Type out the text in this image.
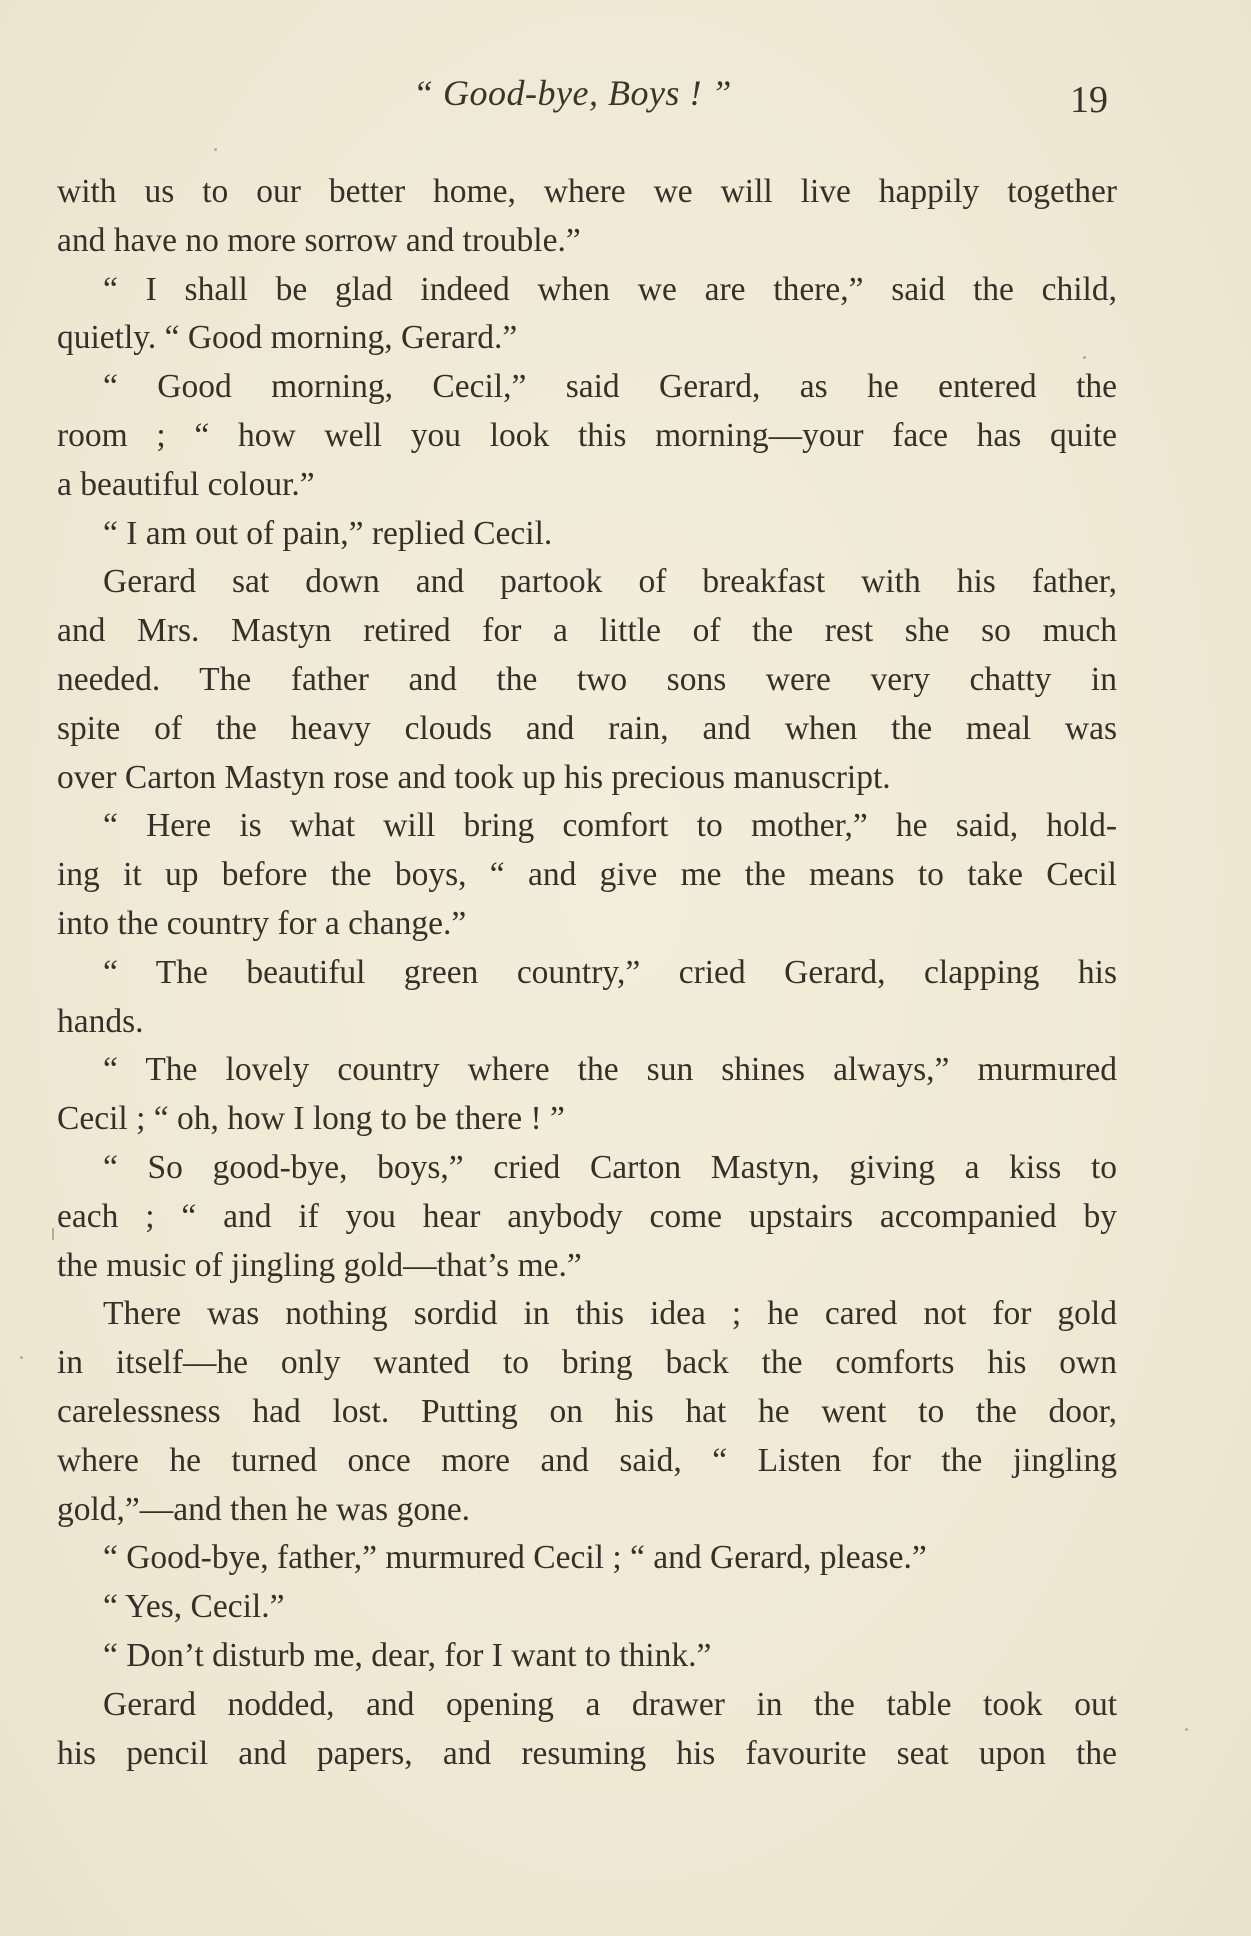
“ Good-bye, Boys ! ”	19
with us to our better home, where we will live happily together
and have no more sorrow and trouble.”
“ I shall be glad indeed when we are there,” said the child,
quietly. “ Good morning, Gerard.”
“ Good morning, Cecil,” said Gerard, as he entered the
room ; “ how well you look this morning—your face has quite
a beautiful colour.”
“ I am out of pain,” replied Cecil.
Gerard sat down and partook of breakfast with his father,
and Mrs. Mastyn retired for a little of the rest she so much
needed. The father and the two sons were very chatty in
spite of the heavy clouds and rain, and when the meal was
over Carton Mastyn rose and took up his precious manuscript.
“ Here is what will bring comfort to mother,” he said, hold-
ing it up before the boys, “ and give me the means to take Cecil
into the country for a change.”
“ The beautiful green country,” cried Gerard, clapping his
hands.
“ The lovely country where the sun shines always,” murmured
Cecil ; “ oh, how I long to be there ! ”
“ So good-bye, boys,” cried Carton Mastyn, giving a kiss to
each ; “ and if you hear anybody come upstairs accompanied by
the music of jingling gold—that’s me.”
There was nothing sordid in this idea ; he cared not for gold
in itself—he only wanted to bring back the comforts his own
carelessness had lost. Putting on his hat he went to the door,
where he turned once more and said, “ Listen for the jingling
gold,”—and then he was gone.
“ Good-bye, father,” murmured Cecil ; “ and Gerard, please.”
“ Yes, Cecil.”
“ Don’t disturb me, dear, for I want to think.”
Gerard nodded, and opening a drawer in the table took out
his pencil and papers, and resuming his favourite seat upon the
